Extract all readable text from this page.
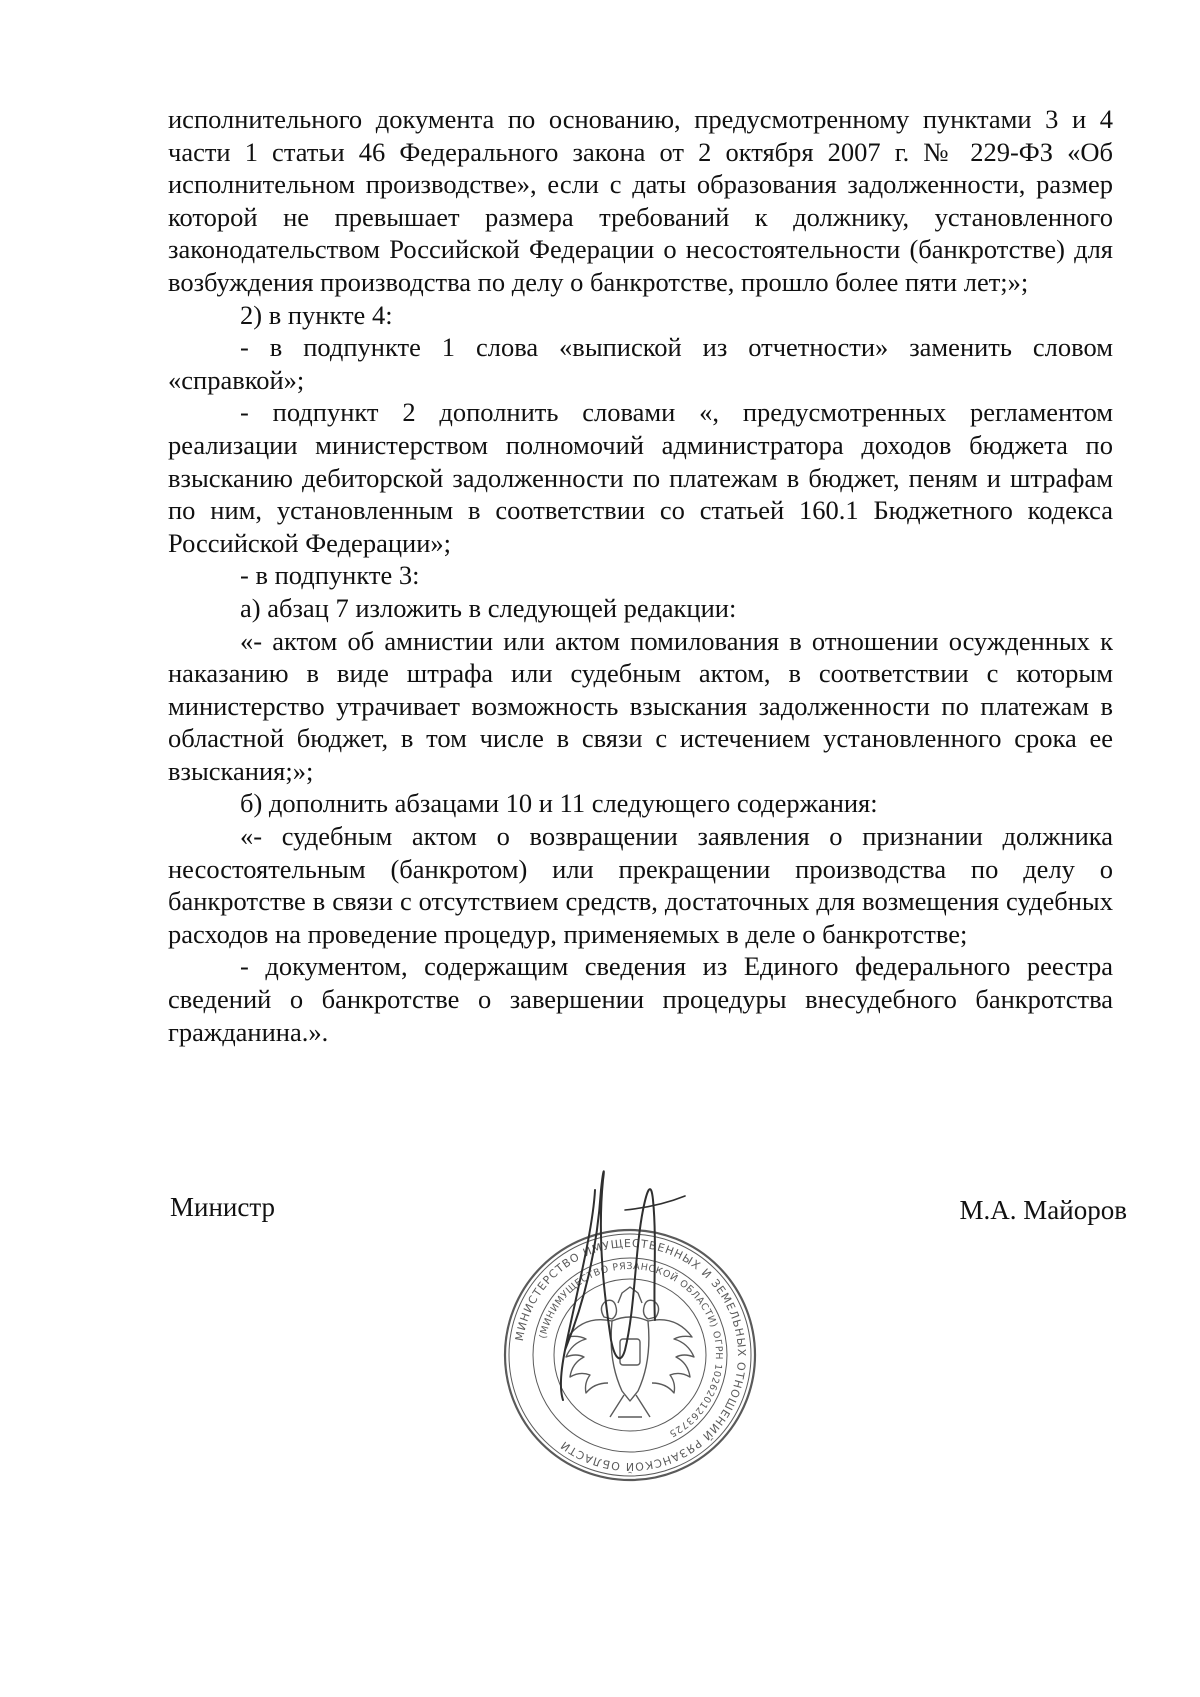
исполнительного документа по основанию, предусмотренному пунктами 3 и 4 части 1 статьи 46 Федерального закона от 2 октября 2007 г. № 229-ФЗ «Об исполнительном производстве», если с даты образования задолженности, размер которой не превышает размера требований к должнику, установленного законодательством Российской Федерации о несостоятельности (банкротстве) для возбуждения производства по делу о банкротстве, прошло более пяти лет;»;

2) в пункте 4:

- в подпункте 1 слова «выпиской из отчетности» заменить словом «справкой»;

- подпункт 2 дополнить словами «, предусмотренных регламентом реализации министерством полномочий администратора доходов бюджета по взысканию дебиторской задолженности по платежам в бюджет, пеням и штрафам по ним, установленным в соответствии со статьей 160.1 Бюджетного кодекса Российской Федерации»;

- в подпункте 3:

а) абзац 7 изложить в следующей редакции:

«- актом об амнистии или актом помилования в отношении осужденных к наказанию в виде штрафа или судебным актом, в соответствии с которым министерство утрачивает возможность взыскания задолженности по платежам в областной бюджет, в том числе в связи с истечением установленного срока ее взыскания;»;

б) дополнить абзацами 10 и 11 следующего содержания:

«- судебным актом о возвращении заявления о признании должника несостоятельным (банкротом) или прекращении производства по делу о банкротстве в связи с отсутствием средств, достаточных для возмещения судебных расходов на проведение процедур, применяемых в деле о банкротстве;

- документом, содержащим сведения из Единого федерального реестра сведений о банкротстве о завершении процедуры внесудебного банкротства гражданина.».

Министр	М.А. Майоров
МИНИСТЕРСТВО ИМУЩЕСТВЕННЫХ И ЗЕМЕЛЬНЫХ ОТНОШЕНИЙ РЯЗАНСКОЙ ОБЛАСТИ
(МИНИМУЩЕСТВО РЯЗАНСКОЙ ОБЛАСТИ) ОГРН 1026201263725
